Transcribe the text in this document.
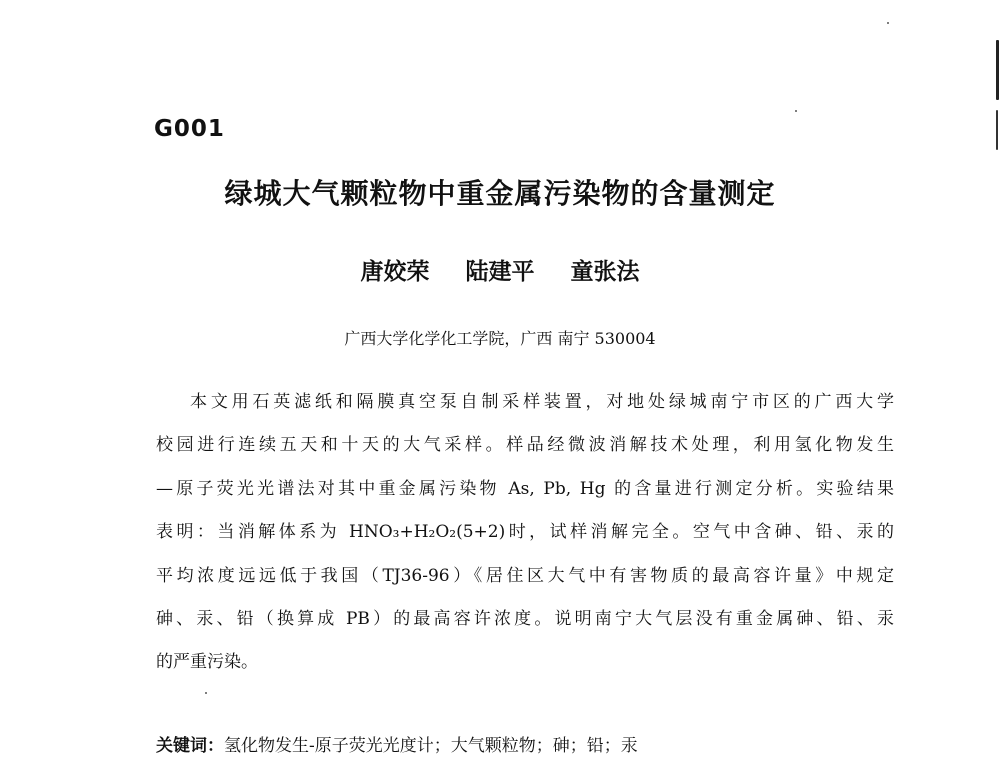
G001
绿城大气颗粒物中重金属污染物的含量测定
唐姣荣 陆建平 童张法
广西大学化学化工学院，广西 南宁 530004
本文用石英滤纸和隔膜真空泵自制采样装置，对地处绿城南宁市区的广西大学
校园进行连续五天和十天的大气采样。样品经微波消解技术处理，利用氢化物发生
—原子荧光光谱法对其中重金属污染物 As, Pb, Hg 的含量进行测定分析。实验结果
表明：当消解体系为 HNO₃+H₂O₂(5+2)时，试样消解完全。空气中含砷、铅、汞的
平均浓度远远低于我国（TJ36-96）《居住区大气中有害物质的最高容许量》中规定
砷、汞、铅（换算成 PB）的最高容许浓度。说明南宁大气层没有重金属砷、铅、汞
的严重污染。
关键词：氢化物发生-原子荧光光度计；大气颗粒物；砷；铅；汞
